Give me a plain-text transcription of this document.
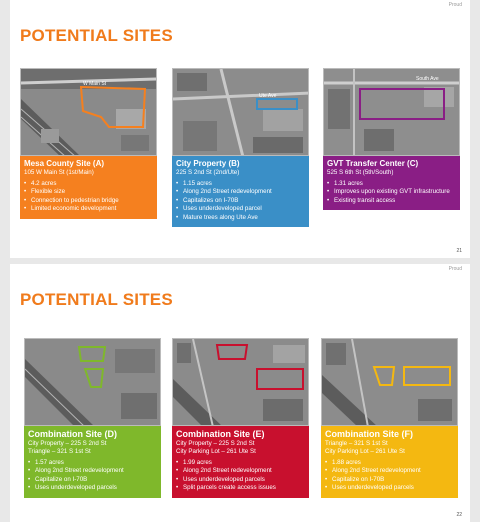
Proud
POTENTIAL SITES
W Main St
Mesa County Site (A)
105 W Main St (1st/Main)
• 4.2 acres
• Flexible size
• Connection to pedestrian bridge
• Limited economic development
Ute Ave
City Property (B)
225 S 2nd St (2nd/Ute)
• 1.15 acres
• Along 2nd Street redevelopment
• Capitalizes on I-70B
• Uses underdeveloped parcel
• Mature trees along Ute Ave
South Ave
GVT Transfer Center (C)
525 S 6th St (5th/South)
• 1.31 acres
• Improves upon existing GVT infrastructure
• Existing transit access
21
Proud
POTENTIAL SITES
Combination Site (D)
City Property – 225 S 2nd St
Triangle – 321 S 1st St
• 1.57 acres
• Along 2nd Street redevelopment
• Capitalize on I-70B
• Uses underdeveloped parcels
Combination Site (E)
City Property – 225 S 2nd St
City Parking Lot – 261 Ute St
• 1.99 acres
• Along 2nd Street redevelopment
• Uses underdeveloped parcels
• Split parcels create access issues
Combination Site (F)
Triangle – 321 S 1st St
City Parking Lot – 261 Ute St
• 1.88 acres
• Along 2nd Street redevelopment
• Capitalize on I-70B
• Uses underdeveloped parcels
22
